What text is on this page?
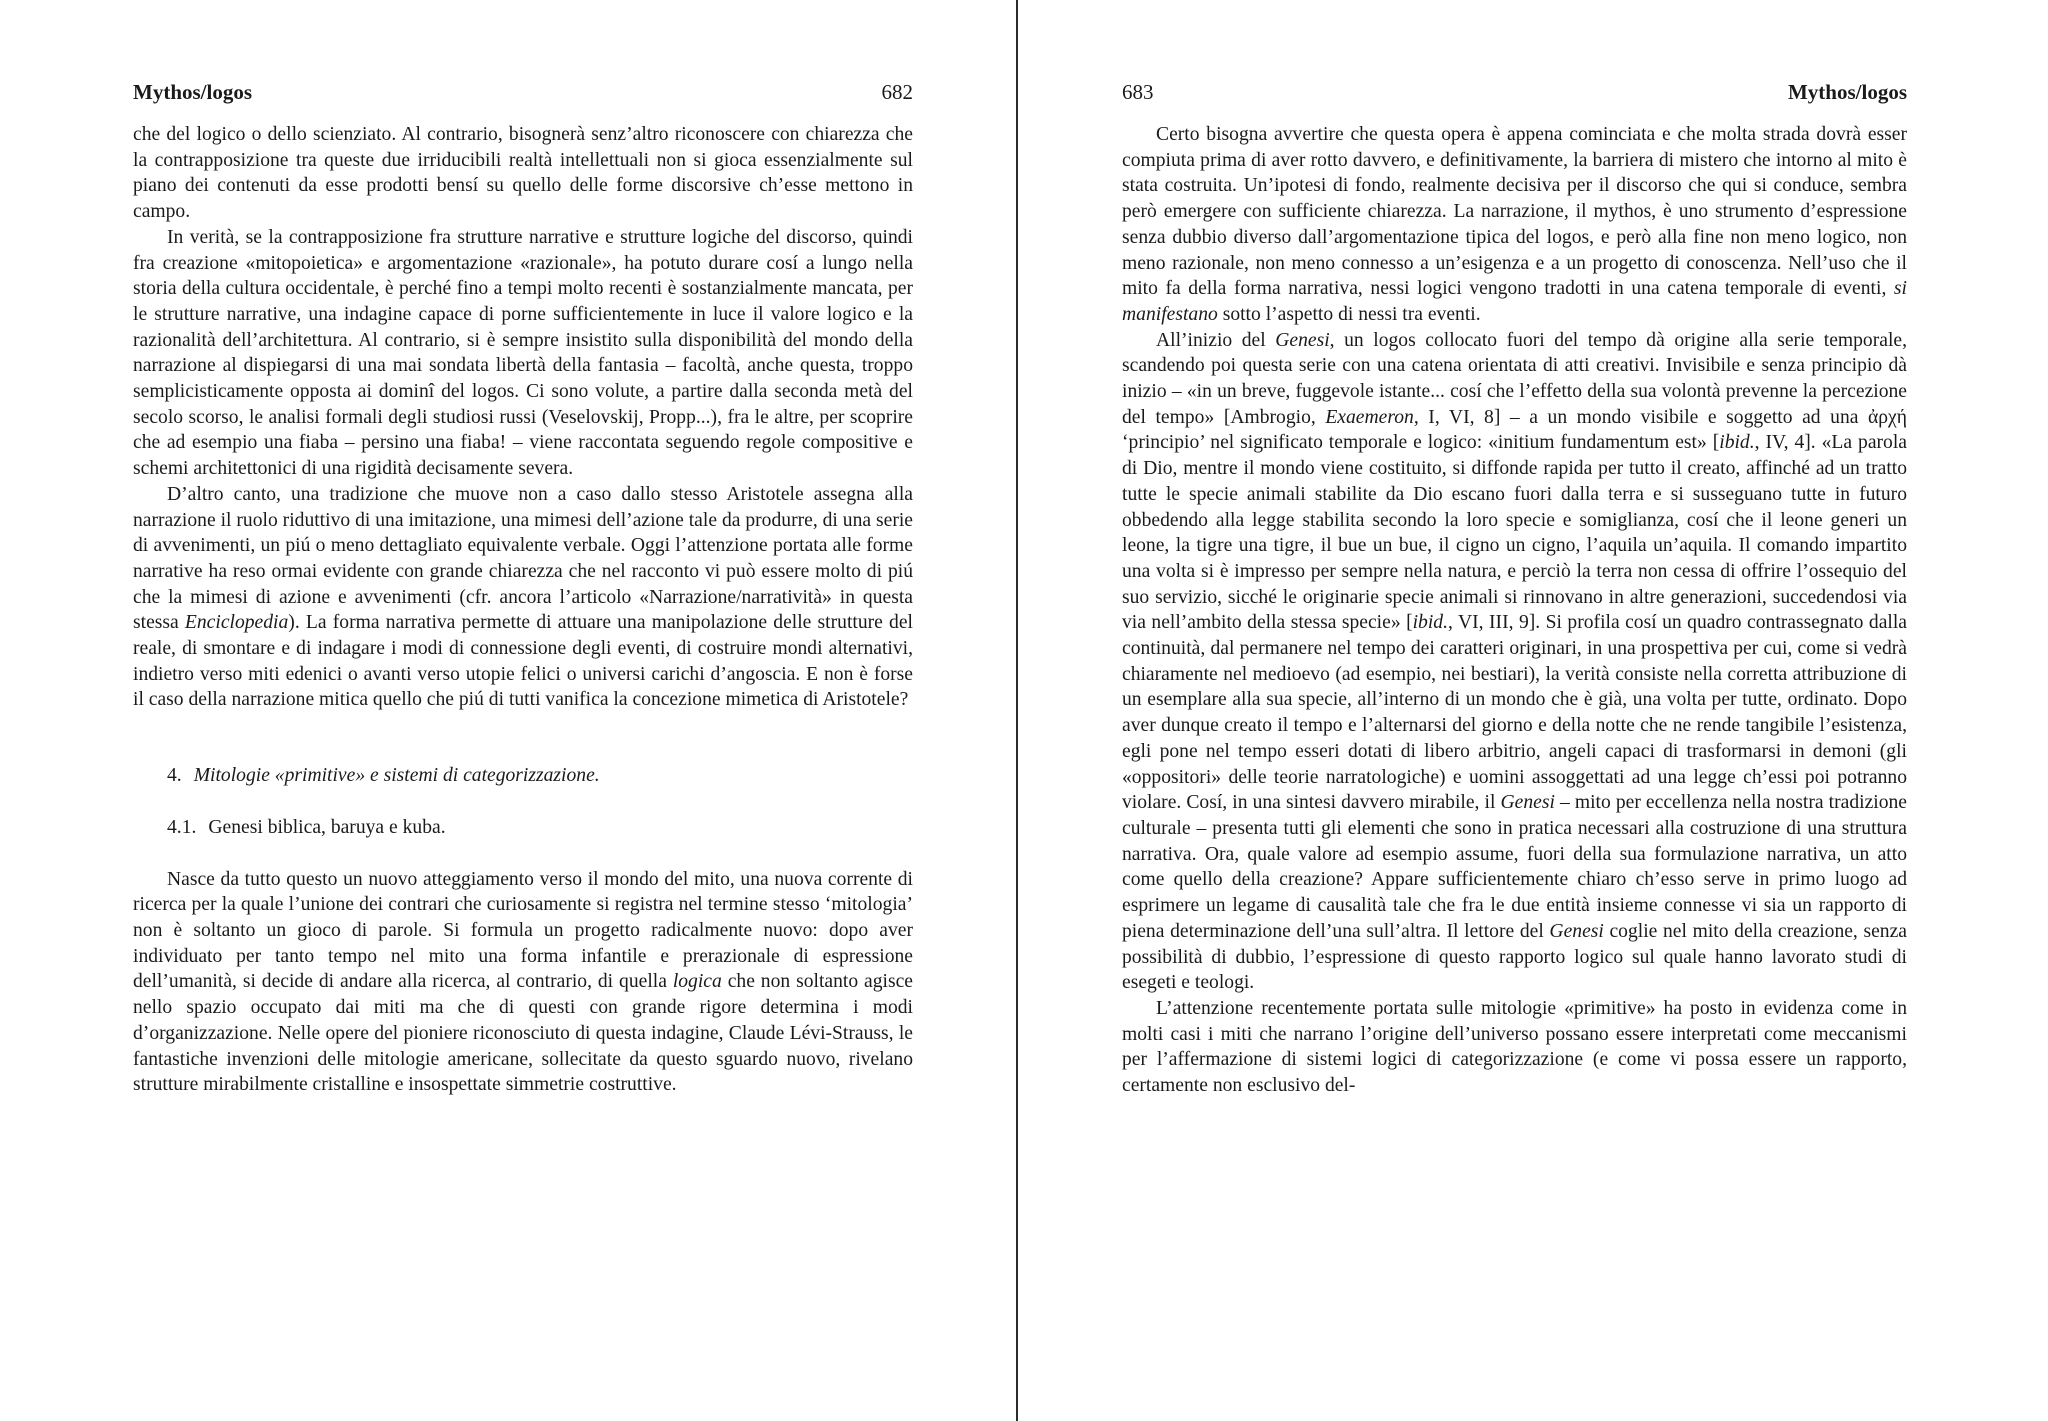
Mythos/logos	682

che del logico o dello scienziato. Al contrario, bisognerà senz’altro riconoscere con chiarezza che la contrapposizione tra queste due irriducibili realtà intellettuali non si gioca essenzialmente sul piano dei contenuti da esse prodotti bensí su quello delle forme discorsive ch’esse mettono in campo.

In verità, se la contrapposizione fra strutture narrative e strutture logiche del discorso, quindi fra creazione «mitopoietica» e argomentazione «razionale», ha potuto durare cosí a lungo nella storia della cultura occidentale, è perché fino a tempi molto recenti è sostanzialmente mancata, per le strutture narrative, una indagine capace di porne sufficientemente in luce il valore logico e la razionalità dell’architettura. Al contrario, si è sempre insistito sulla disponibilità del mondo della narrazione al dispiegarsi di una mai sondata libertà della fantasia – facoltà, anche questa, troppo semplicisticamente opposta ai dominî del logos. Ci sono volute, a partire dalla seconda metà del secolo scorso, le analisi formali degli studiosi russi (Veselovskij, Propp...), fra le altre, per scoprire che ad esempio una fiaba – persino una fiaba! – viene raccontata seguendo regole compositive e schemi architettonici di una rigidità decisamente severa.

D’altro canto, una tradizione che muove non a caso dallo stesso Aristotele assegna alla narrazione il ruolo riduttivo di una imitazione, una mimesi dell’azione tale da produrre, di una serie di avvenimenti, un piú o meno dettagliato equivalente verbale. Oggi l’attenzione portata alle forme narrative ha reso ormai evidente con grande chiarezza che nel racconto vi può essere molto di piú che la mimesi di azione e avvenimenti (cfr. ancora l’articolo «Narrazione/narratività» in questa stessa Enciclopedia). La forma narrativa permette di attuare una manipolazione delle strutture del reale, di smontare e di indagare i modi di connessione degli eventi, di costruire mondi alternativi, indietro verso miti edenici o avanti verso utopie felici o universi carichi d’angoscia. E non è forse il caso della narrazione mitica quello che piú di tutti vanifica la concezione mimetica di Aristotele?

4. Mitologie «primitive» e sistemi di categorizzazione.

4.1. Genesi biblica, baruya e kuba.

Nasce da tutto questo un nuovo atteggiamento verso il mondo del mito, una nuova corrente di ricerca per la quale l’unione dei contrari che curiosamente si registra nel termine stesso ‘mitologia’ non è soltanto un gioco di parole. Si formula un progetto radicalmente nuovo: dopo aver individuato per tanto tempo nel mito una forma infantile e prerazionale di espressione dell’umanità, si decide di andare alla ricerca, al contrario, di quella logica che non soltanto agisce nello spazio occupato dai miti ma che di questi con grande rigore determina i modi d’organizzazione. Nelle opere del pioniere riconosciuto di questa indagine, Claude Lévi-Strauss, le fantastiche invenzioni delle mitologie americane, sollecitate da questo sguardo nuovo, rivelano strutture mirabilmente cristalline e insospettate simmetrie costruttive.

683	Mythos/logos

Certo bisogna avvertire che questa opera è appena cominciata e che molta strada dovrà esser compiuta prima di aver rotto davvero, e definitivamente, la barriera di mistero che intorno al mito è stata costruita. Un’ipotesi di fondo, realmente decisiva per il discorso che qui si conduce, sembra però emergere con sufficiente chiarezza. La narrazione, il mythos, è uno strumento d’espressione senza dubbio diverso dall’argomentazione tipica del logos, e però alla fine non meno logico, non meno razionale, non meno connesso a un’esigenza e a un progetto di conoscenza. Nell’uso che il mito fa della forma narrativa, nessi logici vengono tradotti in una catena temporale di eventi, si manifestano sotto l’aspetto di nessi tra eventi.

All’inizio del Genesi, un logos collocato fuori del tempo dà origine alla serie temporale, scandendo poi questa serie con una catena orientata di atti creativi. Invisibile e senza principio dà inizio – «in un breve, fuggevole istante... cosí che l’effetto della sua volontà prevenne la percezione del tempo» [Ambrogio, Exaemeron, I, VI, 8] – a un mondo visibile e soggetto ad una ἀρχή ‘principio’ nel significato temporale e logico: «initium fundamentum est» [ibid., IV, 4]. «La parola di Dio, mentre il mondo viene costituito, si diffonde rapida per tutto il creato, affinché ad un tratto tutte le specie animali stabilite da Dio escano fuori dalla terra e si susseguano tutte in futuro obbedendo alla legge stabilita secondo la loro specie e somiglianza, cosí che il leone generi un leone, la tigre una tigre, il bue un bue, il cigno un cigno, l’aquila un’aquila. Il comando impartito una volta si è impresso per sempre nella natura, e perciò la terra non cessa di offrire l’ossequio del suo servizio, sicché le originarie specie animali si rinnovano in altre generazioni, succedendosi via via nell’ambito della stessa specie» [ibid., VI, III, 9]. Si profila cosí un quadro contrassegnato dalla continuità, dal permanere nel tempo dei caratteri originari, in una prospettiva per cui, come si vedrà chiaramente nel medioevo (ad esempio, nei bestiari), la verità consiste nella corretta attribuzione di un esemplare alla sua specie, all’interno di un mondo che è già, una volta per tutte, ordinato. Dopo aver dunque creato il tempo e l’alternarsi del giorno e della notte che ne rende tangibile l’esistenza, egli pone nel tempo esseri dotati di libero arbitrio, angeli capaci di trasformarsi in demoni (gli «oppositori» delle teorie narratologiche) e uomini assoggettati ad una legge ch’essi poi potranno violare. Cosí, in una sintesi davvero mirabile, il Genesi – mito per eccellenza nella nostra tradizione culturale – presenta tutti gli elementi che sono in pratica necessari alla costruzione di una struttura narrativa. Ora, quale valore ad esempio assume, fuori della sua formulazione narrativa, un atto come quello della creazione? Appare sufficientemente chiaro ch’esso serve in primo luogo ad esprimere un legame di causalità tale che fra le due entità insieme connesse vi sia un rapporto di piena determinazione dell’una sull’altra. Il lettore del Genesi coglie nel mito della creazione, senza possibilità di dubbio, l’espressione di questo rapporto logico sul quale hanno lavorato studi di esegeti e teologi.

L’attenzione recentemente portata sulle mitologie «primitive» ha posto in evidenza come in molti casi i miti che narrano l’origine dell’universo possano essere interpretati come meccanismi per l’affermazione di sistemi logici di categorizzazione (e come vi possa essere un rapporto, certamente non esclusivo del-
